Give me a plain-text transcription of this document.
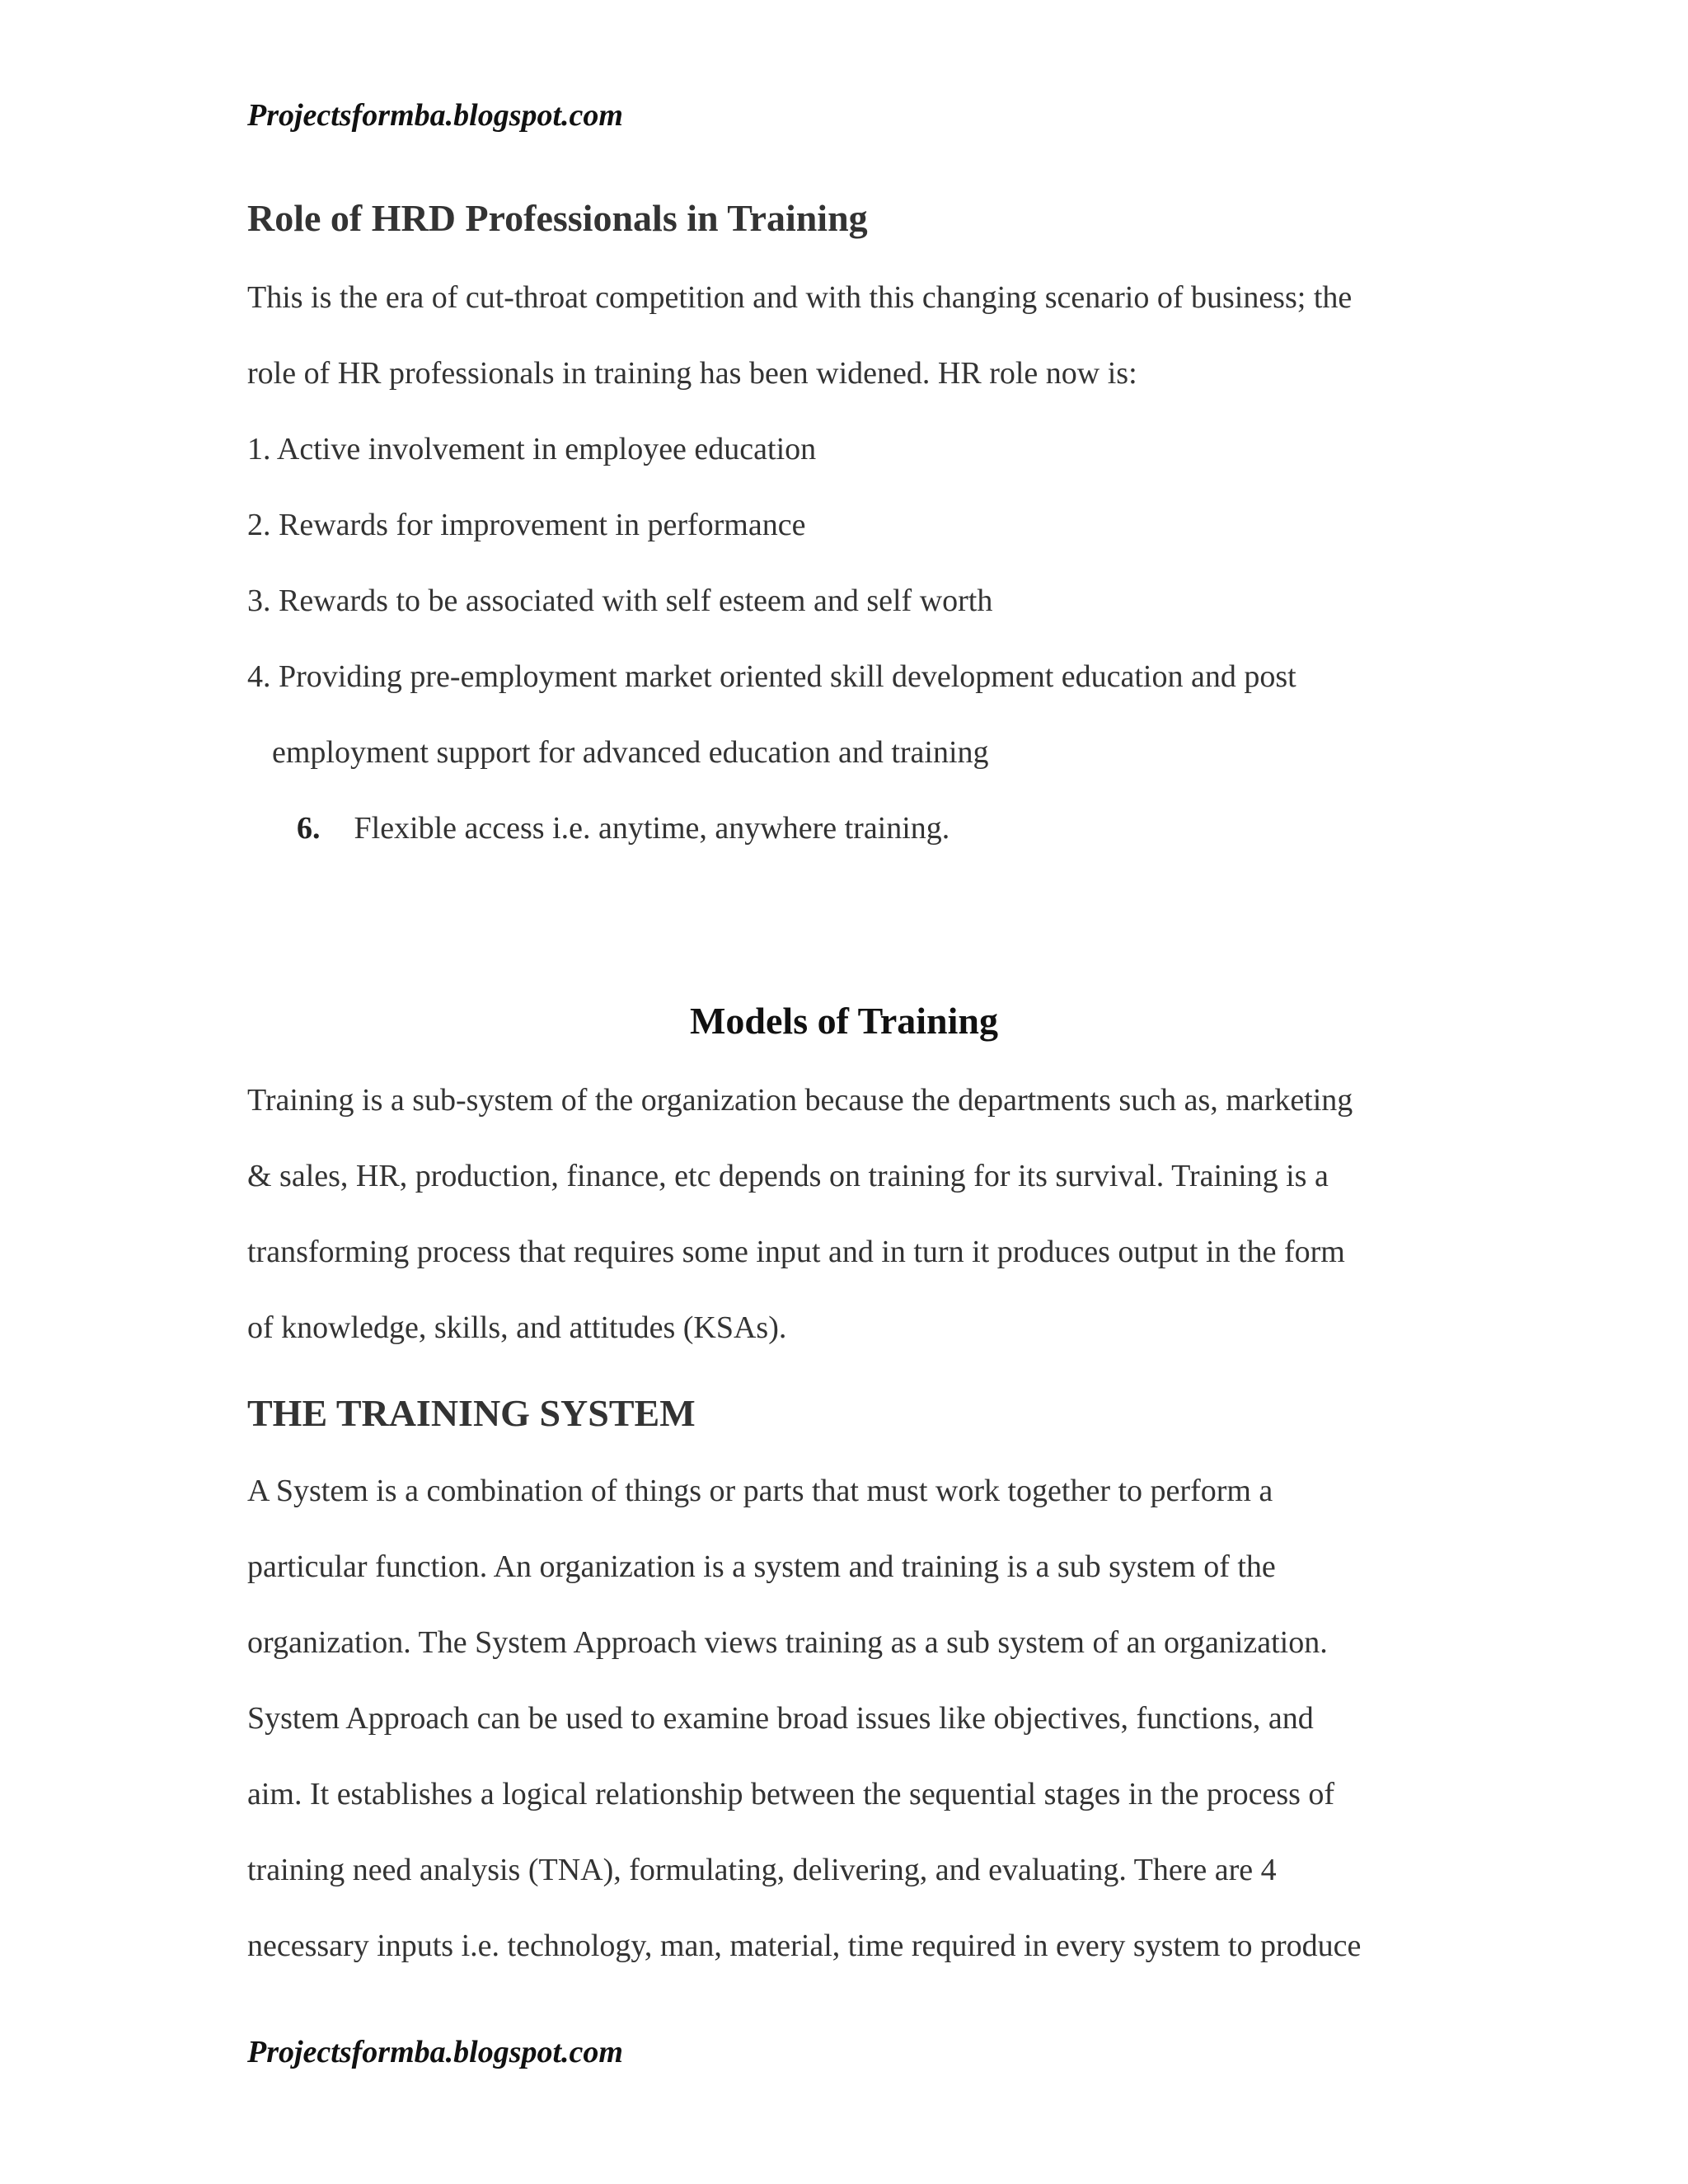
Projectsformba.blogspot.com
Role of HRD Professionals in Training
This is the era of cut-throat competition and with this changing scenario of business; the
role of HR professionals in training has been widened. HR role now is:
1. Active involvement in employee education
2. Rewards for improvement in performance
3. Rewards to be associated with self esteem and self worth
4. Providing pre-employment market oriented skill development education and post
employment support for advanced education and training
6. Flexible access i.e. anytime, anywhere training.
Models of Training
Training is a sub-system of the organization because the departments such as, marketing
& sales, HR, production, finance, etc depends on training for its survival. Training is a
transforming process that requires some input and in turn it produces output in the form
of knowledge, skills, and attitudes (KSAs).
THE TRAINING SYSTEM
A System is a combination of things or parts that must work together to perform a
particular function. An organization is a system and training is a sub system of the
organization. The System Approach views training as a sub system of an organization.
System Approach can be used to examine broad issues like objectives, functions, and
aim. It establishes a logical relationship between the sequential stages in the process of
training need analysis (TNA), formulating, delivering, and evaluating. There are 4
necessary inputs i.e. technology, man, material, time required in every system to produce
Projectsformba.blogspot.com
